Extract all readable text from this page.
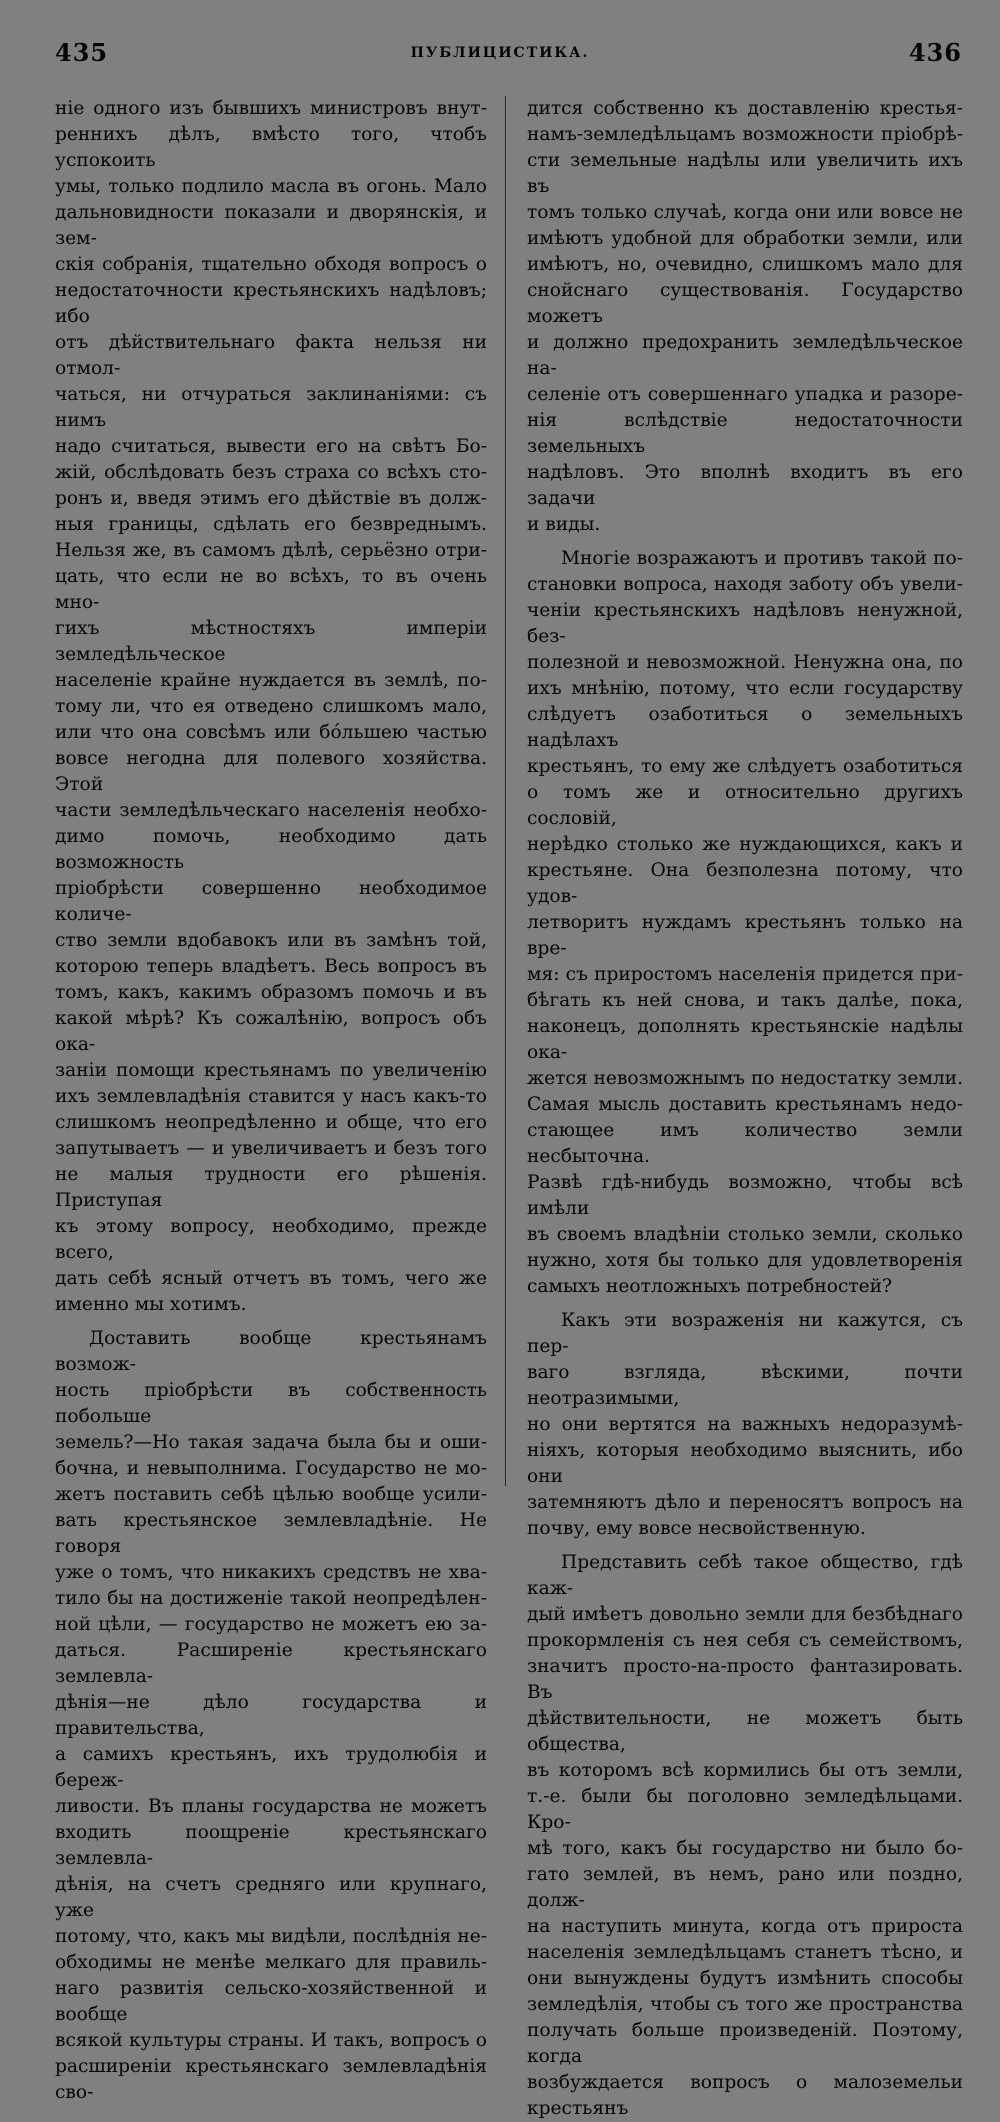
435	ПУБЛИЦИСТИКА.	436

ніе одного изъ бывшихъ министровъ внут-

ренниxъ дѣлъ, вмѣсто того, чтобъ успокоить

умы, только подлило масла въ огонь. Мало

дальновидности показали и дворянскія, и зем-

скія собранія, тщательно обходя вопросъ о

недостаточности крестьянскихъ надѣловъ; ибо

отъ дѣйствительнаго факта нельзя ни отмол-

чаться, ни отчураться заклинаніями: съ нимъ

надо считаться, вывести его на свѣтъ Бо-

жій, обслѣдовать безъ страха со всѣхъ сто-

ронъ и, введя этимъ его дѣйствіе въ долж-

ныя границы, сдѣлать его безвреднымъ.

Нельзя же, въ самомъ дѣлѣ, серьёзно отри-

цать, что если не во всѣхъ, то въ очень мно-

гихъ мѣстностяхъ имперіи земледѣльческое

населеніе крайне нуждается въ землѣ, по-

тому ли, что ея отведено слишкомъ мало,

или что она совсѣмъ или бóльшею частью

вовсе негодна для полевого хозяйства. Этой

части земледѣльческаго населенія необхо-

димо помочь, необходимо дать возможность

пріобрѣсти совершенно необходимое количе-

ство земли вдобавокъ или въ замѣнъ той,

которою теперь владѣетъ. Весь вопросъ въ

томъ, какъ, какимъ образомъ помочь и въ

какой мѣрѣ? Къ сожалѣнію, вопросъ объ ока-

заніи помощи крестьянамъ по увеличенію

ихъ землевладѣнія ставится у насъ какъ-то

слишкомъ неопредѣленно и обще, что его

запутываетъ — и увеличиваетъ и безъ того

не малыя трудности его рѣшенія. Приступая

къ этому вопросу, необходимо, прежде всего,

дать себѣ ясный отчетъ въ томъ, чего же

именно мы хотимъ.

Доставить вообще крестьянамъ возмож-

ность пріобрѣсти въ собственность побольше

земель?—Но такая задача была бы и оши-

бочна, и невыполнима. Государство не мо-

жетъ поставить себѣ цѣлью вообще усили-

вать крестьянское землевладѣніе. Не говоря

уже о томъ, что никакихъ средствъ не хва-

тило бы на достиженіе такой неопредѣлен-

ной цѣли, — государство не можетъ ею за-

даться. Расширеніе крестьянскаго землевла-

дѣнія—не дѣло государства и правительства,

а самихъ крестьянъ, ихъ трудолюбія и береж-

ливости. Въ планы государства не можетъ

входить поощреніе крестьянскаго землевла-

дѣнія, на счетъ средняго или крупнаго, уже

потому, что, какъ мы видѣли, послѣднія не-

обходимы не менѣе мелкаго для правиль-

наго развитія сельско-хозяйственной и вообще

всякой культуры страны. И такъ, вопросъ о

расширеніи крестьянскаго землевладѣнія сво-

дится собственно къ доставленію крестья-

намъ-земледѣльцамъ возможности пріобрѣ-

сти земельные надѣлы или увеличить ихъ въ

томъ только случаѣ, когда они или вовсе не

имѣютъ удобной для обработки земли, или

имѣютъ, но, очевидно, слишкомъ мало для

снойснаго существованія. Государство можетъ

и должно предохранить земледѣльческое на-

селеніе отъ совершеннаго упадка и разоре-

нія вслѣдствіе недостаточности земельныхъ

надѣловъ. Это вполнѣ входитъ въ его задачи

и виды.

Многіе возражаютъ и противъ такой по-

становки вопроса, находя заботу объ увели-

ченіи крестьянскихъ надѣловъ ненужной, без-

полезной и невозможной. Ненужна она, по

ихъ мнѣнію, потому, что если государству

слѣдуетъ озаботиться о земельныхъ надѣлахъ

крестьянъ, то ему же слѣдуетъ озаботиться

о томъ же и относительно другихъ сословій,

нерѣдко столько же нуждающихся, какъ и

крестьяне. Она безполезна потому, что удов-

летворитъ нуждамъ крестьянъ только на вре-

мя: съ приростомъ населенія придется при-

бѣгать къ ней снова, и такъ далѣе, пока,

наконецъ, дополнять крестьянскіе надѣлы ока-

жется невозможнымъ по недостатку земли.

Самая мысль доставить крестьянамъ недо-

стающее имъ количество земли несбыточна.

Развѣ гдѣ-нибудь возможно, чтобы всѣ имѣли

въ своемъ владѣніи столько земли, сколько

нужно, хотя бы только для удовлетворенія

самыхъ неотложныхъ потребностей?

Какъ эти возраженія ни кажутся, съ пер-

ваго взгляда, вѣскими, почти неотразимыми,

но они вертятся на важныхъ недоразумѣ-

ніяхъ, которыя необходимо выяснить, ибо они

затемняютъ дѣло и переносятъ вопросъ на

почву, ему вовсе несвойственную.

Представить себѣ такое общество, гдѣ каж-

дый имѣетъ довольно земли для безбѣднаго

прокормленія съ нея себя съ семействомъ,

значитъ просто-на-просто фантазировать. Въ

дѣйствительности, не можетъ быть общества,

въ которомъ всѣ кормились бы отъ земли,

т.-е. были бы поголовно земледѣльцами. Кро-

мѣ того, какъ бы государство ни было бо-

гато землей, въ немъ, рано или поздно, долж-

на наступить минута, когда отъ прироста

населенія земледѣльцамъ станетъ тѣсно, и

они вынуждены будутъ измѣнить способы

земледѣлія, чтобы съ того же пространства

получать больше произведеній. Поэтому, когда

возбуждается вопросъ о малоземельи крестьянъ
